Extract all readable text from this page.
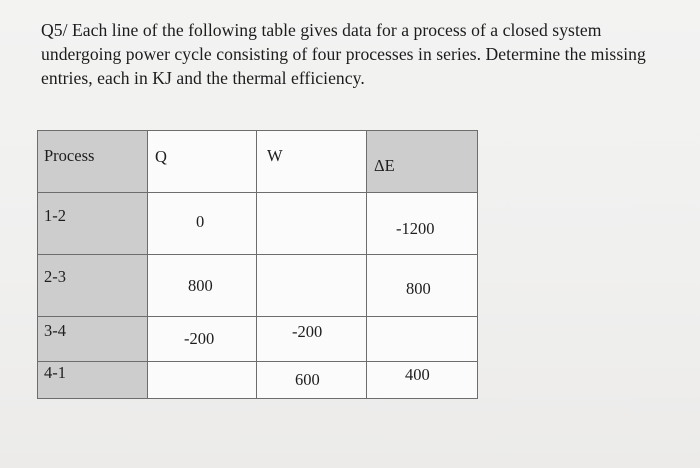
Q5/ Each line of the following table gives data for a process of a closed system undergoing power cycle consisting of four processes in series. Determine the missing entries, each in KJ and the thermal efficiency.

Process	Q	W	ΔE

1-2	0		-1200

2-3	800		800

3-4	-200	-200	

4-1		600	400
